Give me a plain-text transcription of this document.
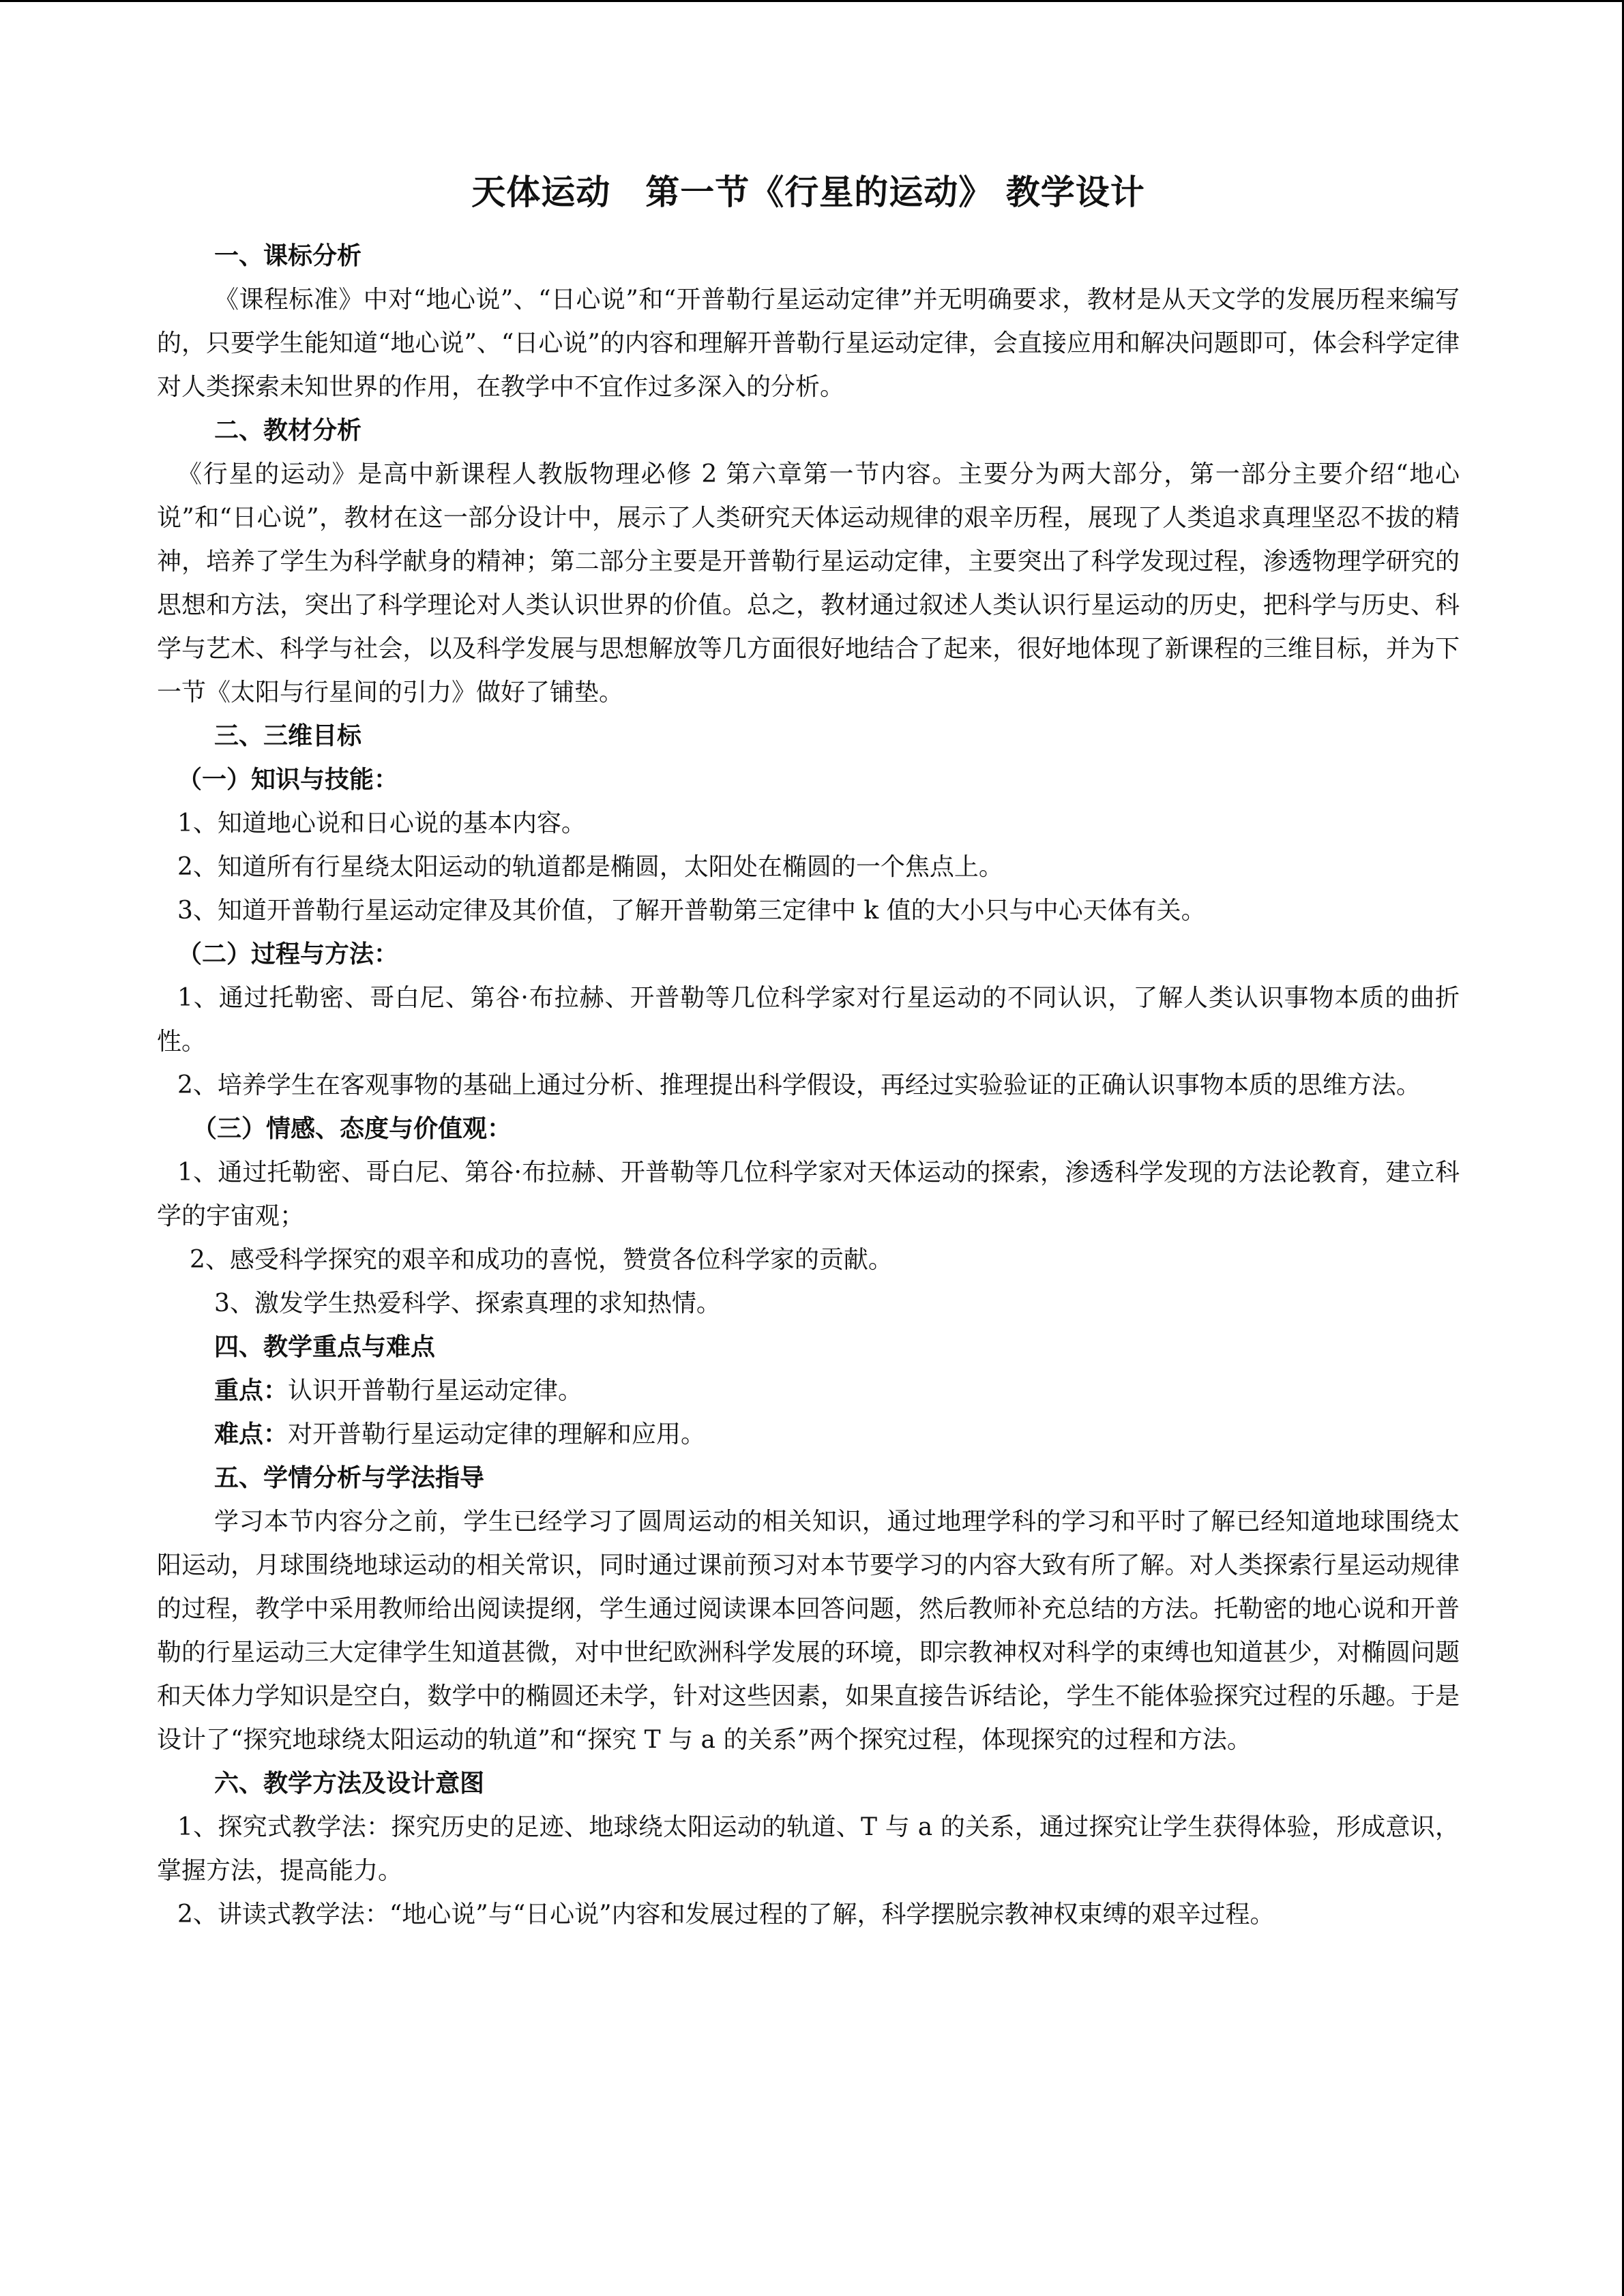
天体运动　第一节《行星的运动》 教学设计

一、课标分析

《课程标准》中对“地心说”、“日心说”和“开普勒行星运动定律”并无明确要求，教材是从天文学的发展历程来编写的，只要学生能知道“地心说”、“日心说”的内容和理解开普勒行星运动定律，会直接应用和解决问题即可，体会科学定律对人类探索未知世界的作用，在教学中不宜作过多深入的分析。

二、教材分析

《行星的运动》是高中新课程人教版物理必修 2 第六章第一节内容。主要分为两大部分，第一部分主要介绍“地心说”和“日心说”，教材在这一部分设计中，展示了人类研究天体运动规律的艰辛历程，展现了人类追求真理坚忍不拔的精神，培养了学生为科学献身的精神；第二部分主要是开普勒行星运动定律，主要突出了科学发现过程，渗透物理学研究的思想和方法，突出了科学理论对人类认识世界的价值。总之，教材通过叙述人类认识行星运动的历史，把科学与历史、科学与艺术、科学与社会，以及科学发展与思想解放等几方面很好地结合了起来，很好地体现了新课程的三维目标，并为下一节《太阳与行星间的引力》做好了铺垫。

三、三维目标

（一）知识与技能：

1、知道地心说和日心说的基本内容。

2、知道所有行星绕太阳运动的轨道都是椭圆，太阳处在椭圆的一个焦点上。

3、知道开普勒行星运动定律及其价值，了解开普勒第三定律中 k 值的大小只与中心天体有关。

（二）过程与方法：

1、通过托勒密、哥白尼、第谷·布拉赫、开普勒等几位科学家对行星运动的不同认识，了解人类认识事物本质的曲折性。

2、培养学生在客观事物的基础上通过分析、推理提出科学假设，再经过实验验证的正确认识事物本质的思维方法。

（三）情感、态度与价值观：

1、通过托勒密、哥白尼、第谷·布拉赫、开普勒等几位科学家对天体运动的探索，渗透科学发现的方法论教育，建立科学的宇宙观；

2、感受科学探究的艰辛和成功的喜悦，赞赏各位科学家的贡献。

3、激发学生热爱科学、探索真理的求知热情。

四、教学重点与难点

重点：认识开普勒行星运动定律。

难点：对开普勒行星运动定律的理解和应用。

五、学情分析与学法指导

学习本节内容分之前，学生已经学习了圆周运动的相关知识，通过地理学科的学习和平时了解已经知道地球围绕太阳运动，月球围绕地球运动的相关常识，同时通过课前预习对本节要学习的内容大致有所了解。对人类探索行星运动规律的过程，教学中采用教师给出阅读提纲，学生通过阅读课本回答问题，然后教师补充总结的方法。托勒密的地心说和开普勒的行星运动三大定律学生知道甚微，对中世纪欧洲科学发展的环境，即宗教神权对科学的束缚也知道甚少，对椭圆问题和天体力学知识是空白，数学中的椭圆还未学，针对这些因素，如果直接告诉结论，学生不能体验探究过程的乐趣。于是设计了“探究地球绕太阳运动的轨道”和“探究 T 与 a 的关系”两个探究过程，体现探究的过程和方法。

六、教学方法及设计意图

1、探究式教学法：探究历史的足迹、地球绕太阳运动的轨道、T 与 a 的关系，通过探究让学生获得体验，形成意识，掌握方法，提高能力。

2、讲读式教学法：“地心说”与“日心说”内容和发展过程的了解，科学摆脱宗教神权束缚的艰辛过程。
